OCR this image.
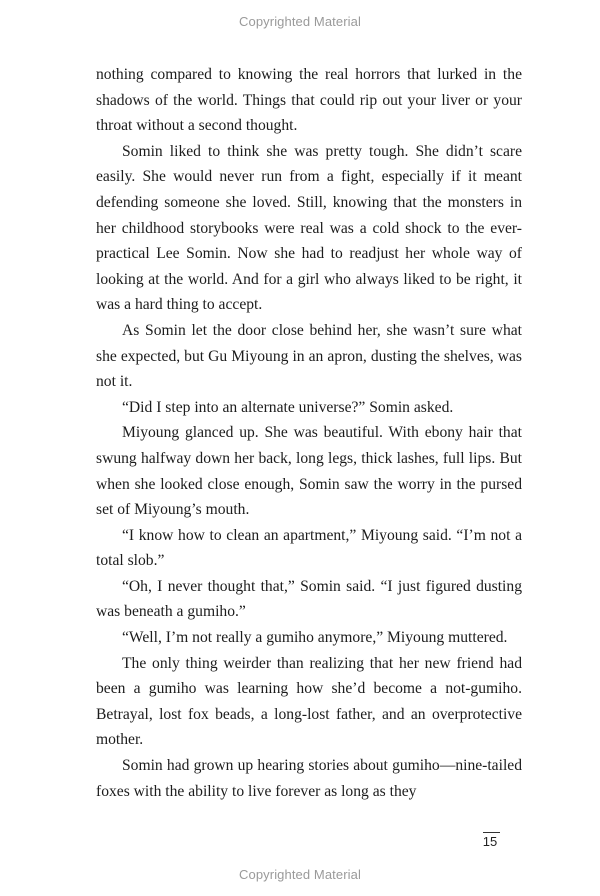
Copyrighted Material

nothing compared to knowing the real horrors that lurked in the shadows of the world. Things that could rip out your liver or your throat without a second thought.

Somin liked to think she was pretty tough. She didn’t scare easily. She would never run from a fight, especially if it meant defending someone she loved. Still, knowing that the monsters in her childhood storybooks were real was a cold shock to the ever-practical Lee Somin. Now she had to readjust her whole way of looking at the world. And for a girl who always liked to be right, it was a hard thing to accept.

As Somin let the door close behind her, she wasn’t sure what she expected, but Gu Miyoung in an apron, dusting the shelves, was not it.

“Did I step into an alternate universe?” Somin asked.

Miyoung glanced up. She was beautiful. With ebony hair that swung halfway down her back, long legs, thick lashes, full lips. But when she looked close enough, Somin saw the worry in the pursed set of Miyoung’s mouth.

“I know how to clean an apartment,” Miyoung said. “I’m not a total slob.”

“Oh, I never thought that,” Somin said. “I just figured dusting was beneath a gumiho.”

“Well, I’m not really a gumiho anymore,” Miyoung muttered.

The only thing weirder than realizing that her new friend had been a gumiho was learning how she’d become a not-gumiho. Betrayal, lost fox beads, a long-lost father, and an overprotective mother.

Somin had grown up hearing stories about gumiho—nine-tailed foxes with the ability to live forever as long as they

15
Copyrighted Material
